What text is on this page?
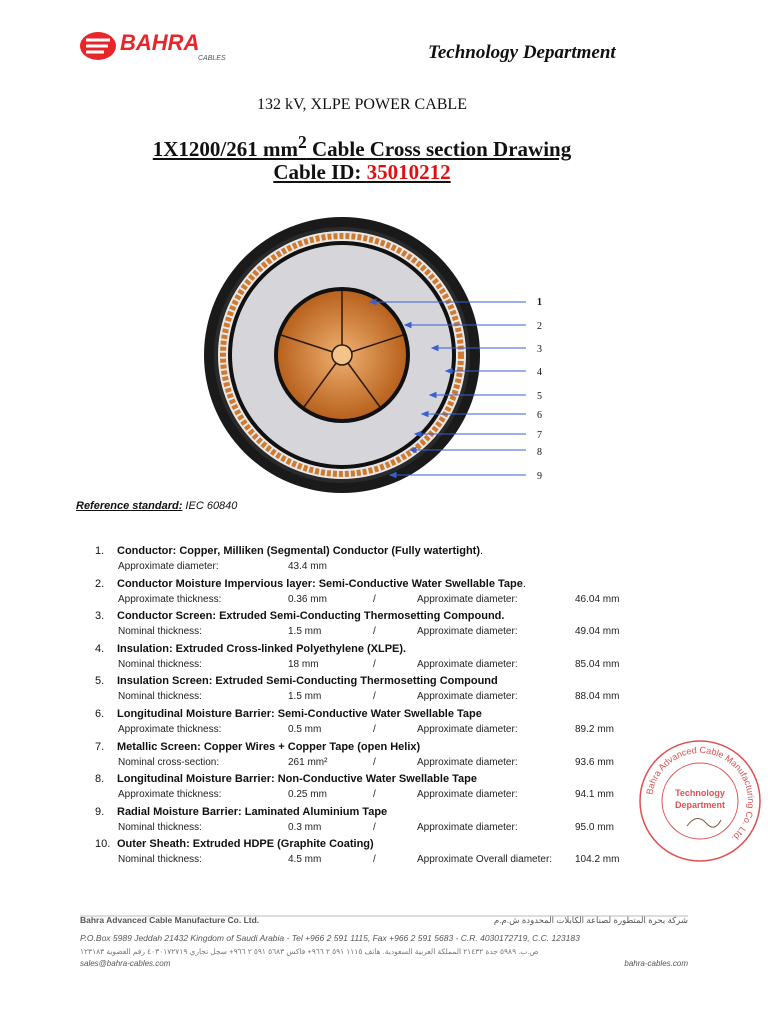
BAHRA
CABLES	Technology Department
132 kV, XLPE POWER CABLE
1X1200/261 $mm^2$ Cable Cross section Drawing
Cable ID: 35010212
1
2
3
4
5
6
7
8
9
Reference standard: IEC 60840
1. Conductor: Copper, Milliken (Segmental) Conductor (Fully watertight).
Approximate diameter:	43.4 mm
2. Conductor Moisture Impervious layer: Semi-Conductive Water Swellable Tape.
Approximate thickness:	0.36 mm	/	Approximate diameter:	46.04 mm
3. Conductor Screen: Extruded Semi-Conducting Thermosetting Compound.
Nominal thickness:	1.5 mm	/	Approximate diameter:	49.04 mm
4. Insulation: Extruded Cross-linked Polyethylene (XLPE).
Nominal thickness:	18 mm	/	Approximate diameter:	85.04 mm
5. Insulation Screen: Extruded Semi-Conducting Thermosetting Compound
Nominal thickness:	1.5 mm	/	Approximate diameter:	88.04 mm
6. Longitudinal Moisture Barrier: Semi-Conductive Water Swellable Tape
Approximate thickness:	0.5 mm	/	Approximate diameter:	89.2 mm
7. Metallic Screen: Copper Wires + Copper Tape (open Helix)
Nominal cross-section:	261 mm²	/	Approximate diameter:	93.6 mm
8. Longitudinal Moisture Barrier: Non-Conductive Water Swellable Tape
Approximate thickness:	0.25 mm	/	Approximate diameter:	94.1 mm
9. Radial Moisture Barrier: Laminated Aluminium Tape
Nominal thickness:	0.3 mm	/	Approximate diameter:	95.0 mm
10. Outer Sheath: Extruded HDPE (Graphite Coating)
Nominal thickness:	4.5 mm	/	Approximate Overall diameter: 104.2 mm
Bahra Advanced Cable Manufacturing Co. Ltd.
Technology
Department
Bahra Advanced Cable Manufacture Co. Ltd.	شركة بحرة المتطورة لصناعة الكابلات المحدودة ش.م.م
P.O.Box 5989 Jeddah 21432 Kingdom of Saudi Arabia - Tel +966 2 591 1115, Fax +966 2 591 5683 - C.R. 4030172719, C.C. 123183
ص.ب. ٥٩٨٩ جدة ٢١٤٣٢ المملكة العربية السعودية. هاتف ١١١٥ ٥٩١ ٢ ٩٦٦+ فاكس ٥٦٨٣ ٥٩١ ٢ ٩٦٦+ سجل تجاري ٤٠٣٠١٧٢٧١٩ رقم العضوية ١٢٣١٨٣
sales@bahra-cables.com	bahra-cables.com
